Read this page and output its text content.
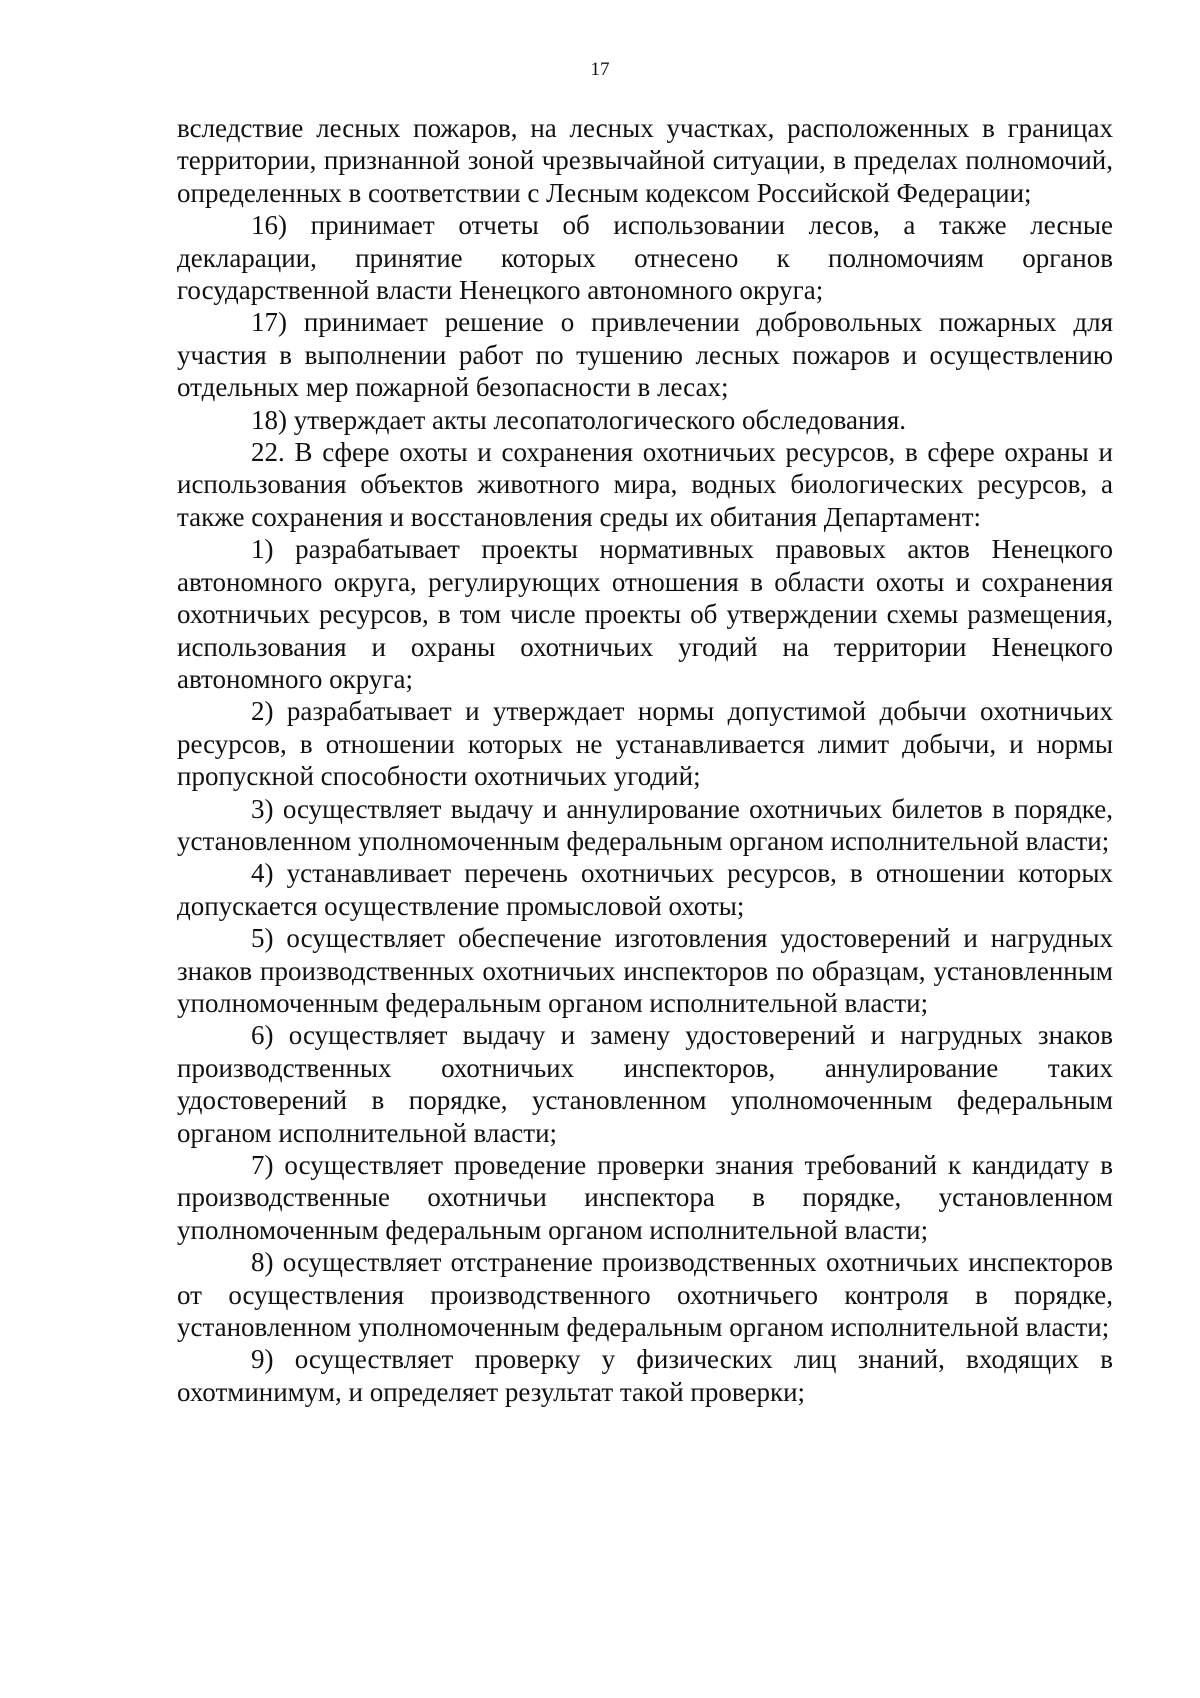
17

вследствие лесных пожаров, на лесных участках, расположенных в границах территории, признанной зоной чрезвычайной ситуации, в пределах полномочий, определенных в соответствии с Лесным кодексом Российской Федерации;

16) принимает отчеты об использовании лесов, а также лесные декларации, принятие которых отнесено к полномочиям органов государственной власти Ненецкого автономного округа;

17) принимает решение о привлечении добровольных пожарных для участия в выполнении работ по тушению лесных пожаров и осуществлению отдельных мер пожарной безопасности в лесах;

18) утверждает акты лесопатологического обследования.

22. В сфере охоты и сохранения охотничьих ресурсов, в сфере охраны и использования объектов животного мира, водных биологических ресурсов, а также сохранения и восстановления среды их обитания Департамент:

1) разрабатывает проекты нормативных правовых актов Ненецкого автономного округа, регулирующих отношения в области охоты и сохранения охотничьих ресурсов, в том числе проекты об утверждении схемы размещения, использования и охраны охотничьих угодий на территории Ненецкого автономного округа;

2) разрабатывает и утверждает нормы допустимой добычи охотничьих ресурсов, в отношении которых не устанавливается лимит добычи, и нормы пропускной способности охотничьих угодий;

3) осуществляет выдачу и аннулирование охотничьих билетов в порядке, установленном уполномоченным федеральным органом исполнительной власти;

4) устанавливает перечень охотничьих ресурсов, в отношении которых допускается осуществление промысловой охоты;

5) осуществляет обеспечение изготовления удостоверений и нагрудных знаков производственных охотничьих инспекторов по образцам, установленным уполномоченным федеральным органом исполнительной власти;

6) осуществляет выдачу и замену удостоверений и нагрудных знаков производственных охотничьих инспекторов, аннулирование таких удостоверений в порядке, установленном уполномоченным федеральным органом исполнительной власти;

7) осуществляет проведение проверки знания требований к кандидату в производственные охотничьи инспектора в порядке, установленном уполномоченным федеральным органом исполнительной власти;

8) осуществляет отстранение производственных охотничьих инспекторов от осуществления производственного охотничьего контроля в порядке, установленном уполномоченным федеральным органом исполнительной власти;

9) осуществляет проверку у физических лиц знаний, входящих в охотминимум, и определяет результат такой проверки;
